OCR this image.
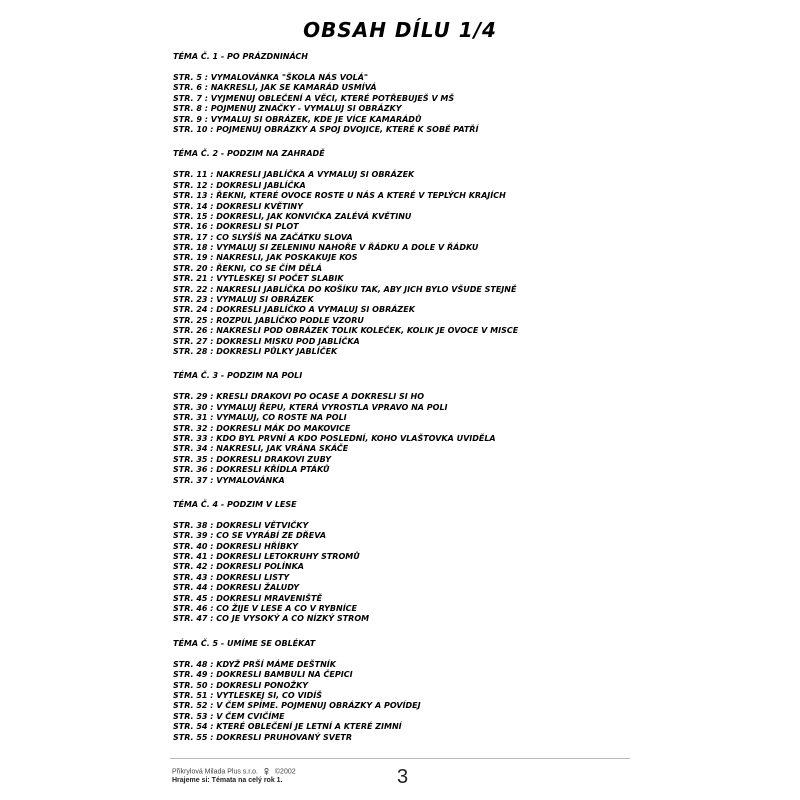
OBSAH DÍLU 1/4
TÉMA Č. 1 - PO PRÁZDNINÁCH
STR. 5 : VYMALOVÁNKA "ŠKOLA NÁS VOLÁ"
STR. 6 : NAKRESLI, JAK SE KAMARÁD USMÍVÁ
STR. 7 : VYJMENUJ OBLEČENÍ A VĚCI, KTERÉ POTŘEBUJEŠ V MŠ
STR. 8 : POJMENUJ ZNAČKY - VYMALUJ SI OBRÁZKY
STR. 9 : VYMALUJ SI OBRÁZEK, KDE JE VÍCE KAMARÁDŮ
STR. 10 : POJMENUJ OBRÁZKY A SPOJ DVOJICE, KTERÉ K SOBĚ PATŘÍ
TÉMA Č. 2 - PODZIM NA ZAHRADĚ
STR. 11 : NAKRESLI JABLÍČKA A VYMALUJ SI OBRÁZEK
STR. 12 : DOKRESLI JABLÍČKA
STR. 13 : ŘEKNI, KTERÉ OVOCE ROSTE U NÁS A KTERÉ V TEPLÝCH KRAJÍCH
STR. 14 : DOKRESLI KVĚTINY
STR. 15 : DOKRESLI, JAK KONVIČKA ZALÉVÁ KVĚTINU
STR. 16 : DOKRESLI SI PLOT
STR. 17 : CO SLYŠÍŠ NA ZAČÁTKU SLOVA
STR. 18 : VYMALUJ SI ZELENINU NAHOŘE V ŘÁDKU A DOLE V ŘÁDKU
STR. 19 : NAKRESLI, JAK POSKAKUJE KOS
STR. 20 : ŘEKNI, CO SE ČÍM DĚLÁ
STR. 21 : VYTLESKEJ SI POČET SLABIK
STR. 22 : NAKRESLI JABLÍČKA DO KOŠÍKU TAK, ABY JICH BYLO VŠUDE STEJNĚ
STR. 23 : VYMALUJ SI OBRÁZEK
STR. 24 : DOKRESLI JABLÍČKO A VYMALUJ SI OBRÁZEK
STR. 25 : ROZPUL JABLÍČKO PODLE VZORU
STR. 26 : NAKRESLI POD OBRÁZEK TOLIK KOLEČEK, KOLIK JE OVOCE V MISCE
STR. 27 : DOKRESLI MISKU POD JABLÍČKA
STR. 28 : DOKRESLI PŮLKY JABLÍČEK
TÉMA Č. 3 - PODZIM NA POLI
STR. 29 : KRESLI DRAKOVI PO OCASE A DOKRESLI SI HO
STR. 30 : VYMALUJ ŘEPU, KTERÁ VYROSTLA VPRAVO NA POLI
STR. 31 : VYMALUJ, CO ROSTE NA POLI
STR. 32 : DOKRESLI MÁK DO MAKOVICE
STR. 33 : KDO BYL PRVNÍ A KDO POSLEDNÍ, KOHO VLAŠTOVKA UVIDĚLA
STR. 34 : NAKRESLI, JAK VRÁNA SKÁČE
STR. 35 : DOKRESLI DRAKOVI ZUBY
STR. 36 : DOKRESLI KŘÍDLA PTÁKŮ
STR. 37 : VYMALOVÁNKA
TÉMA Č. 4 - PODZIM V LESE
STR. 38 : DOKRESLI VĚTVIČKY
STR. 39 : CO SE VYRÁBÍ ZE DŘEVA
STR. 40 : DOKRESLI HŘÍBKY
STR. 41 : DOKRESLI LETOKRUHY STROMŮ
STR. 42 : DOKRESLI POLÍNKA
STR. 43 : DOKRESLI LISTY
STR. 44 : DOKRESLI ŽALUDY
STR. 45 : DOKRESLI MRAVENIŠTĚ
STR. 46 : CO ŽIJE V LESE A CO V RYBNÍCE
STR. 47 : CO JE VYSOKÝ A CO NÍZKÝ STROM
TÉMA Č. 5 - UMÍME SE OBLÉKAT
STR. 48 : KDYŽ PRŠÍ MÁME DEŠTNÍK
STR. 49 : DOKRESLI BAMBULI NA ČEPICI
STR. 50 : DOKRESLI PONOŽKY
STR. 51 : VYTLESKEJ SI, CO VIDÍŠ
STR. 52 : V ČEM SPÍME. POJMENUJ OBRÁZKY A POVÍDEJ
STR. 53 : V ČEM CVIČÍME
STR. 54 : KTERÉ OBLEČENÍ JE LETNÍ A KTERÉ ZIMNÍ
STR. 55 : DOKRESLI PRUHOVANÝ SVETR
Přikrylová Milada Plus s.r.o. ©2002
Hrajeme si: Témata na celý rok 1.	3
